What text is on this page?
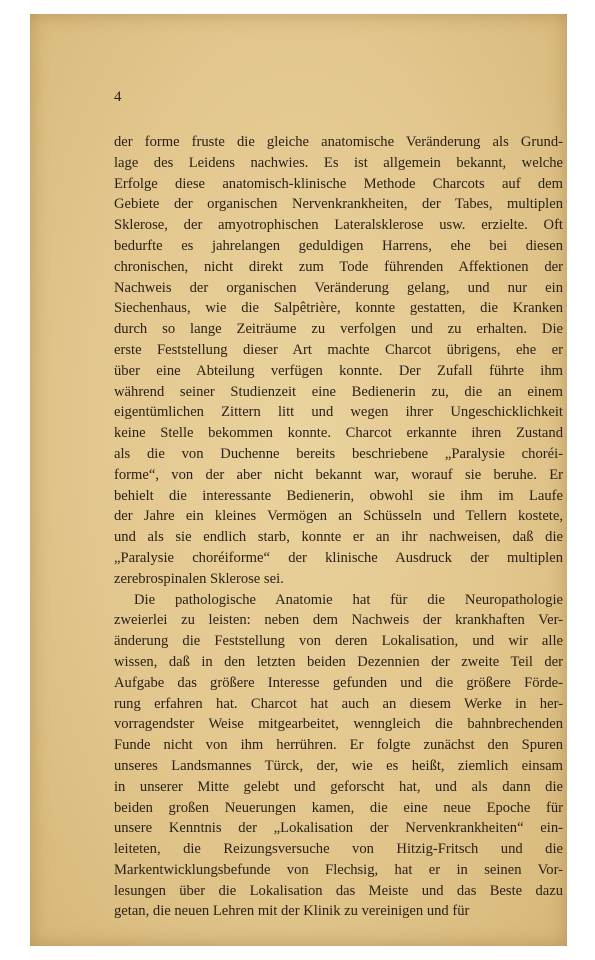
4
der forme fruste die gleiche anatomische Veränderung als Grund-
lage des Leidens nachwies. Es ist allgemein bekannt, welche
Erfolge diese anatomisch-klinische Methode Charcots auf dem
Gebiete der organischen Nervenkrankheiten, der Tabes, multiplen
Sklerose, der amyotrophischen Lateralsklerose usw. erzielte. Oft
bedurfte es jahrelangen geduldigen Harrens, ehe bei diesen
chronischen, nicht direkt zum Tode führenden Affektionen der
Nachweis der organischen Veränderung gelang, und nur ein
Siechenhaus, wie die Salpêtrière, konnte gestatten, die Kranken
durch so lange Zeiträume zu verfolgen und zu erhalten. Die
erste Feststellung dieser Art machte Charcot übrigens, ehe er
über eine Abteilung verfügen konnte. Der Zufall führte ihm
während seiner Studienzeit eine Bedienerin zu, die an einem
eigentümlichen Zittern litt und wegen ihrer Ungeschicklichkeit
keine Stelle bekommen konnte. Charcot erkannte ihren Zustand
als die von Duchenne bereits beschriebene „Paralysie choréi-
forme“, von der aber nicht bekannt war, worauf sie beruhe. Er
behielt die interessante Bedienerin, obwohl sie ihm im Laufe
der Jahre ein kleines Vermögen an Schüsseln und Tellern kostete,
und als sie endlich starb, konnte er an ihr nachweisen, daß die
„Paralysie choréiforme“ der klinische Ausdruck der multiplen
zerebrospinalen Sklerose sei.
Die pathologische Anatomie hat für die Neuropathologie
zweierlei zu leisten: neben dem Nachweis der krankhaften Ver-
änderung die Feststellung von deren Lokalisation, und wir alle
wissen, daß in den letzten beiden Dezennien der zweite Teil der
Aufgabe das größere Interesse gefunden und die größere Förde-
rung erfahren hat. Charcot hat auch an diesem Werke in her-
vorragendster Weise mitgearbeitet, wenngleich die bahnbrechenden
Funde nicht von ihm herrühren. Er folgte zunächst den Spuren
unseres Landsmannes Türck, der, wie es heißt, ziemlich einsam
in unserer Mitte gelebt und geforscht hat, und als dann die
beiden großen Neuerungen kamen, die eine neue Epoche für
unsere Kenntnis der „Lokalisation der Nervenkrankheiten“ ein-
leiteten, die Reizungsversuche von Hitzig-Fritsch und die
Markentwicklungsbefunde von Flechsig, hat er in seinen Vor-
lesungen über die Lokalisation das Meiste und das Beste dazu
getan, die neuen Lehren mit der Klinik zu vereinigen und für
